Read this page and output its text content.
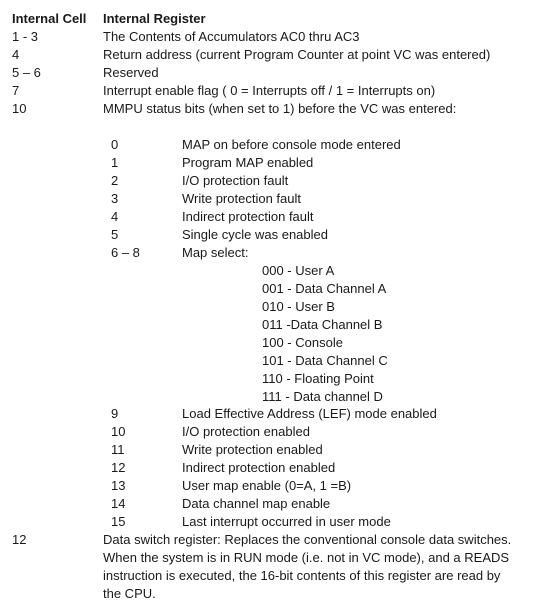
Internal Cell Internal Register
1 - 3	The Contents of Accumulators AC0 thru AC3
4	Return address (current Program Counter at point VC was entered)
5 – 6	Reserved
7	Interrupt enable flag ( 0 = Interrupts off / 1 = Interrupts on)
10	MMPU status bits (when set to 1) before the VC was entered:
0	MAP on before console mode entered
1	Program MAP enabled
2	I/O protection fault
3	Write protection fault
4	Indirect protection fault
5	Single cycle was enabled
6 – 8	Map select:
000 - User A
001 - Data Channel A
010 - User B
011 -Data Channel B
100 - Console
101 - Data Channel C
110 - Floating Point
111 - Data channel D
9	Load Effective Address (LEF) mode enabled
10	I/O protection enabled
11	Write protection enabled
12	Indirect protection enabled
13	User map enable (0=A, 1 =B)
14	Data channel map enable
15	Last interrupt occurred in user mode
12	Data switch register: Replaces the conventional console data switches.
When the system is in RUN mode (i.e. not in VC mode), and a READS
instruction is executed, the 16-bit contents of this register are read by
the CPU.
